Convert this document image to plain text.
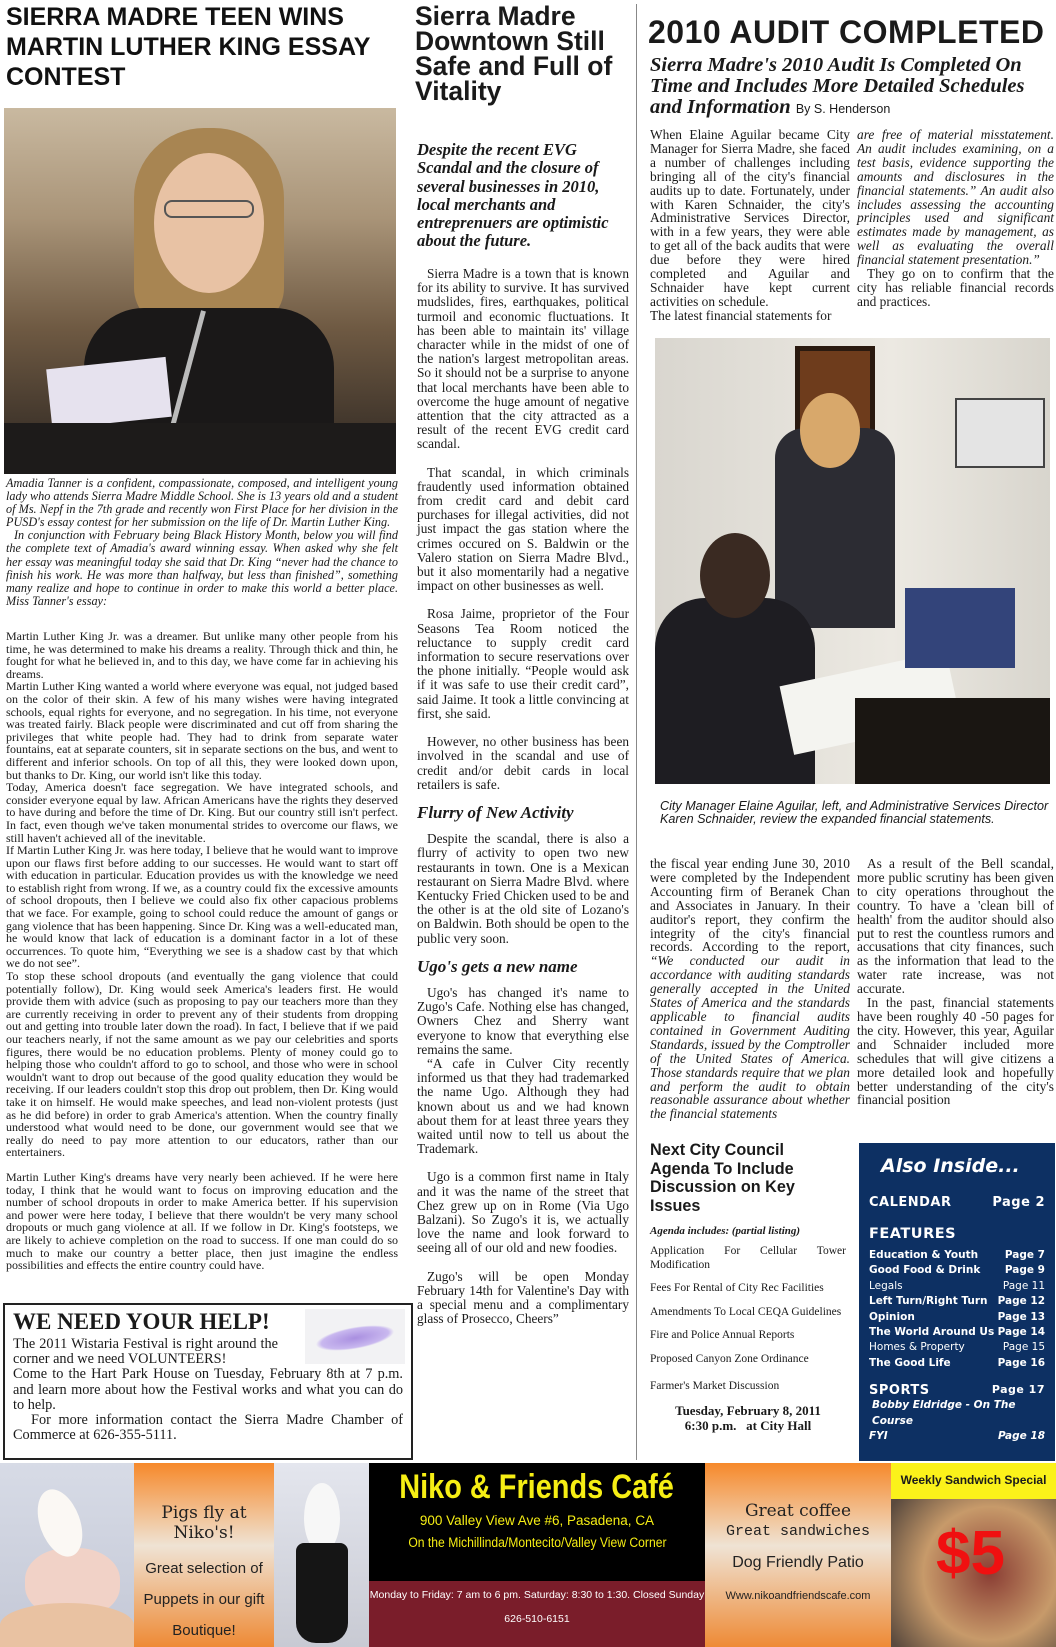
SIERRA MADRE TEEN WINS MARTIN LUTHER KING ESSAY CONTEST

Amadia Tanner is a confident, compassionate, composed, and intelligent young lady who attends Sierra Madre Middle School. She is 13 years old and a student of Ms. Nepf in the 7th grade and recently won First Place for her division in the PUSD's essay contest for her submission on the life of Dr. Martin Luther King.

In conjunction with February being Black History Month, below you will find the complete text of Amadia's award winning essay. When asked why she felt her essay was meaningful today she said that Dr. King “never had the chance to finish his work. He was more than halfway, but less than finished”, something many realize and hope to continue in order to make this world a better place. Miss Tanner's essay:

Martin Luther King Jr. was a dreamer. But unlike many other people from his time, he was determined to make his dreams a reality. Through thick and thin, he fought for what he believed in, and to this day, we have come far in achieving his dreams.

Martin Luther King wanted a world where everyone was equal, not judged based on the color of their skin. A few of his many wishes were having integrated schools, equal rights for everyone, and no segregation. In his time, not everyone was treated fairly. Black people were discriminated and cut off from sharing the privileges that white people had. They had to drink from separate water fountains, eat at separate counters, sit in separate sections on the bus, and went to different and inferior schools. On top of all this, they were looked down upon, but thanks to Dr. King, our world isn't like this today.

Today, America doesn't face segregation. We have integrated schools, and consider everyone equal by law. African Americans have the rights they deserved to have during and before the time of Dr. King. But our country still isn't perfect. In fact, even though we've taken monumental strides to overcome our flaws, we still haven't achieved all of the inevitable.

If Martin Luther King Jr. was here today, I believe that he would want to improve upon our flaws first before adding to our successes. He would want to start off with education in particular. Education provides us with the knowledge we need to establish right from wrong. If we, as a country could fix the excessive amounts of school dropouts, then I believe we could also fix other capacious problems that we face. For example, going to school could reduce the amount of gangs or gang violence that has been happening. Since Dr. King was a well-educated man, he would know that lack of education is a dominant factor in a lot of these occurrences. To quote him, “Everything we see is a shadow cast by that which we do not see”.

To stop these school dropouts (and eventually the gang violence that could potentially follow), Dr. King would seek America's leaders first. He would provide them with advice (such as proposing to pay our teachers more than they are currently receiving in order to prevent any of their students from dropping out and getting into trouble later down the road). In fact, I believe that if we paid our teachers nearly, if not the same amount as we pay our celebrities and sports figures, there would be no education problems. Plenty of money could go to helping those who couldn't afford to go to school, and those who were in school wouldn't want to drop out because of the good quality education they would be receiving. If our leaders couldn't stop this drop out problem, then Dr. King would take it on himself. He would make speeches, and lead non-violent protests (just as he did before) in order to grab America's attention. When the country finally understood what would need to be done, our government would see that we really do need to pay more attention to our educators, rather than our entertainers.

Martin Luther King's dreams have very nearly been achieved. If he were here today, I think that he would want to focus on improving education and the number of school dropouts in order to make America better. If his supervision and power were here today, I believe that there wouldn't be very many school dropouts or much gang violence at all. If we follow in Dr. King's footsteps, we are likely to achieve completion on the road to success. If one man could do so much to make our country a better place, then just imagine the endless possibilities and effects the entire country could have.

WE NEED YOUR HELP!

The 2011 Wistaria Festival is right around the corner and we need VOLUNTEERS!

Come to the Hart Park House on Tuesday, February 8th at 7 p.m. and learn more about how the Festival works and what you can do to help.

For more information contact the Sierra Madre Chamber of Commerce at 626-355-5111.

Sierra Madre Downtown Still Safe and Full of Vitality
Despite the recent EVG Scandal and the closure of several businesses in 2010, local merchants and entreprenuers are optimistic about the future.

Sierra Madre is a town that is known for its ability to survive. It has survived mudslides, fires, earthquakes, political turmoil and economic fluctuations. It has been able to maintain its' village character while in the midst of one of the nation's largest metropolitan areas. So it should not be a surprise to anyone that local merchants have been able to overcome the huge amount of negative attention that the city attracted as a result of the recent EVG credit card scandal.

That scandal, in which criminals fraudently used information obtained from credit card and debit card purchases for illegal activities, did not just impact the gas station where the crimes occured on S. Baldwin or the Valero station on Sierra Madre Blvd., but it also momentarily had a negative impact on other businesses as well.

Rosa Jaime, proprietor of the Four Seasons Tea Room noticed the reluctance to supply credit card information to secure reservations over the phone initially. “People would ask if it was safe to use their credit card”, said Jaime. It took a little convincing at first, she said.

However, no other business has been involved in the scandal and use of credit and/or debit cards in local retailers is safe.

Flurry of New Activity

Despite the scandal, there is also a flurry of activity to open two new restaurants in town. One is a Mexican restaurant on Sierra Madre Blvd. where Kentucky Fried Chicken used to be and the other is at the old site of Lozano's on Baldwin. Both should be open to the public very soon.

Ugo's gets a new name

Ugo's has changed it's name to Zugo's Cafe. Nothing else has changed, Owners Chez and Sherry want everyone to know that everything else remains the same.

“A cafe in Culver City recently informed us that they had trademarked the name Ugo. Although they had known about us and we had known about them for at least three years they waited until now to tell us about the Trademark.

Ugo is a common first name in Italy and it was the name of the street that Chez grew up on in Rome (Via Ugo Balzani). So Zugo's it is, we actually love the name and look forward to seeing all of our old and new foodies.

Zugo's will be open Monday February 14th for Valentine's Day with a special menu and a complimentary glass of Prosecco, Cheers”

2010 AUDIT COMPLETED
Sierra Madre's 2010 Audit Is Completed On Time and Includes More Detailed Schedules and Information By S. Henderson

When Elaine Aguilar became City Manager for Sierra Madre, she faced a number of challenges including bringing all of the city's financial audits up to date. Fortunately, under with Karen Schnaider, the city's Administrative Services Director, with in a few years, they were able to get all of the back audits that were due before they were hired completed and Aguilar and Schnaider have kept current activities on schedule.

The latest financial statements for

are free of material misstatement. An audit includes examining, on a test basis, evidence supporting the amounts and disclosures in the financial statements.” An audit also includes assessing the accounting principles used and significant estimates made by management, as well as evaluating the overall financial statement presentation.”

They go on to confirm that the city has reliable financial records and practices.

City Manager Elaine Aguilar, left, and Administrative Services Director Karen Schnaider, review the expanded financial statements.
the fiscal year ending June 30, 2010 were completed by the Independent Accounting firm of Beranek Chan and Associates in January. In their auditor's report, they confirm the integrity of the city's financial records. According to the report, “We conducted our audit in accordance with auditing standards generally accepted in the United States of America and the standards applicable to financial audits contained in Government Auditing Standards, issued by the Comptroller of the United States of America. Those standards require that we plan and perform the audit to obtain reasonable assurance about whether the financial statements

As a result of the Bell scandal, more public scrutiny has been given to city operations throughout the country. To have a 'clean bill of health' from the auditor should also put to rest the countless rumors and accusations that city finances, such as the information that lead to the water rate increase, was not accurate.

In the past, financial statements have been roughly 40 -50 pages for the city. However, this year, Aguilar and Schnaider included more schedules that will give citizens a more detailed look and hopefully better understanding of the city's financial position

Next City Council Agenda To Include Discussion on Key Issues
Agenda includes: (partial listing)
Application For Cellular Tower Modification
Fees For Rental of City Rec Facilities
Amendments To Local CEQA Guidelines
Fire and Police Annual Reports
Proposed Canyon Zone Ordinance
Farmer's Market Discussion
Tuesday, February 8, 2011
6:30 p.m.   at City Hall
Also Inside...
CALENDAR	Page 2
FEATURES
Education & Youth	Page 7
Good Food & Drink Page 9
Legals	Page 11
Left Turn/Right Turn Page 12
Opinion	Page 13
The World Around Us Page 14
Homes & Property	Page 15
The Good Life	Page 16
SPORTS	Page 17
Bobby Eldridge - On The Course
FYI	Page 18
Pigs fly at Niko's!
Great selection of
Puppets in our gift
Boutique!
Niko & Friends Café
900 Valley View Ave #6, Pasadena, CA
On the Michillinda/Montecito/Valley View Corner
Monday to Friday: 7 am to 6 pm. Saturday: 8:30 to 1:30. Closed Sunday
626-510-6151
Great coffee
Great sandwiches
Dog Friendly Patio
Www.nikoandfriendscafe.com
Weekly Sandwich Special
$5
